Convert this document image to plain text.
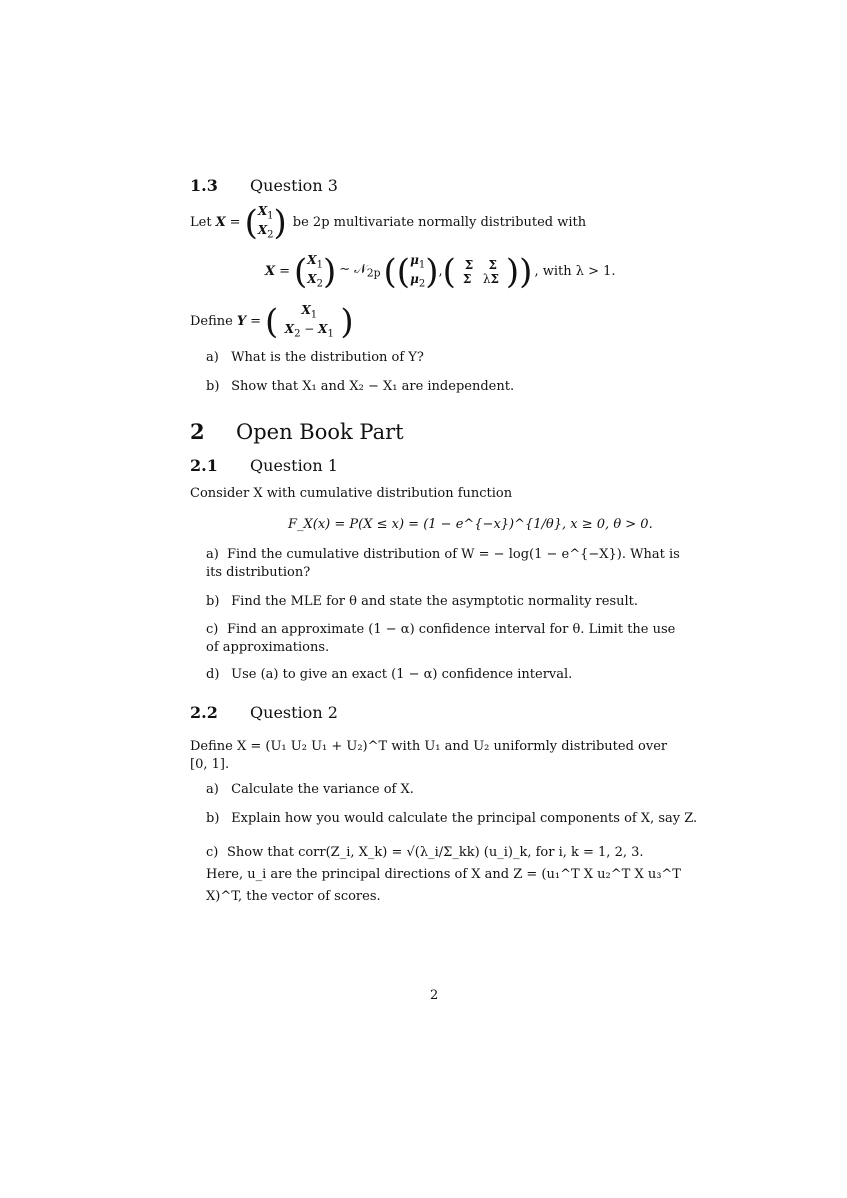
1.3 Question 3
Let X = ( $X_1$
$X_2$ ) be 2p multivariate normally distributed with
X = ( $X_1$
$X_2$ ) ∼ 𝒩$_{2p}$ ( ( $\mu_1$
$\mu_2$ ) , ( Σ Σ
Σ   λΣ ) ) , with λ > 1.
Define Y = (	$X_1$
$X_2 - X_1$ )
a) What is the distribution of Y?
b) Show that X₁ and X₂ − X₁ are independent.
2 Open Book Part
2.1 Question 1
Consider X with cumulative distribution function
F_X(x) = P(X ≤ x) = (1 − e^{−x})^{1/θ}, x ≥ 0, θ > 0.
a) Find the cumulative distribution of W = − log(1 − e^{−X}). What is its distribution?
b) Find the MLE for θ and state the asymptotic normality result.
c) Find an approximate (1 − α) confidence interval for θ. Limit the use of approximations.
d) Use (a) to give an exact (1 − α) confidence interval.
2.2 Question 2
Define X = (U₁ U₂ U₁ + U₂)^T with U₁ and U₂ uniformly distributed over [0, 1].
a) Calculate the variance of X.
b) Explain how you would calculate the principal components of X, say Z.
c) Show that corr(Z_i, X_k) = √(λ_i/Σ_kk) (u_i)_k, for i, k = 1, 2, 3. Here, u_i are the principal directions of X and Z = (u₁^T X u₂^T X u₃^T X)^T, the vector of scores.
2
